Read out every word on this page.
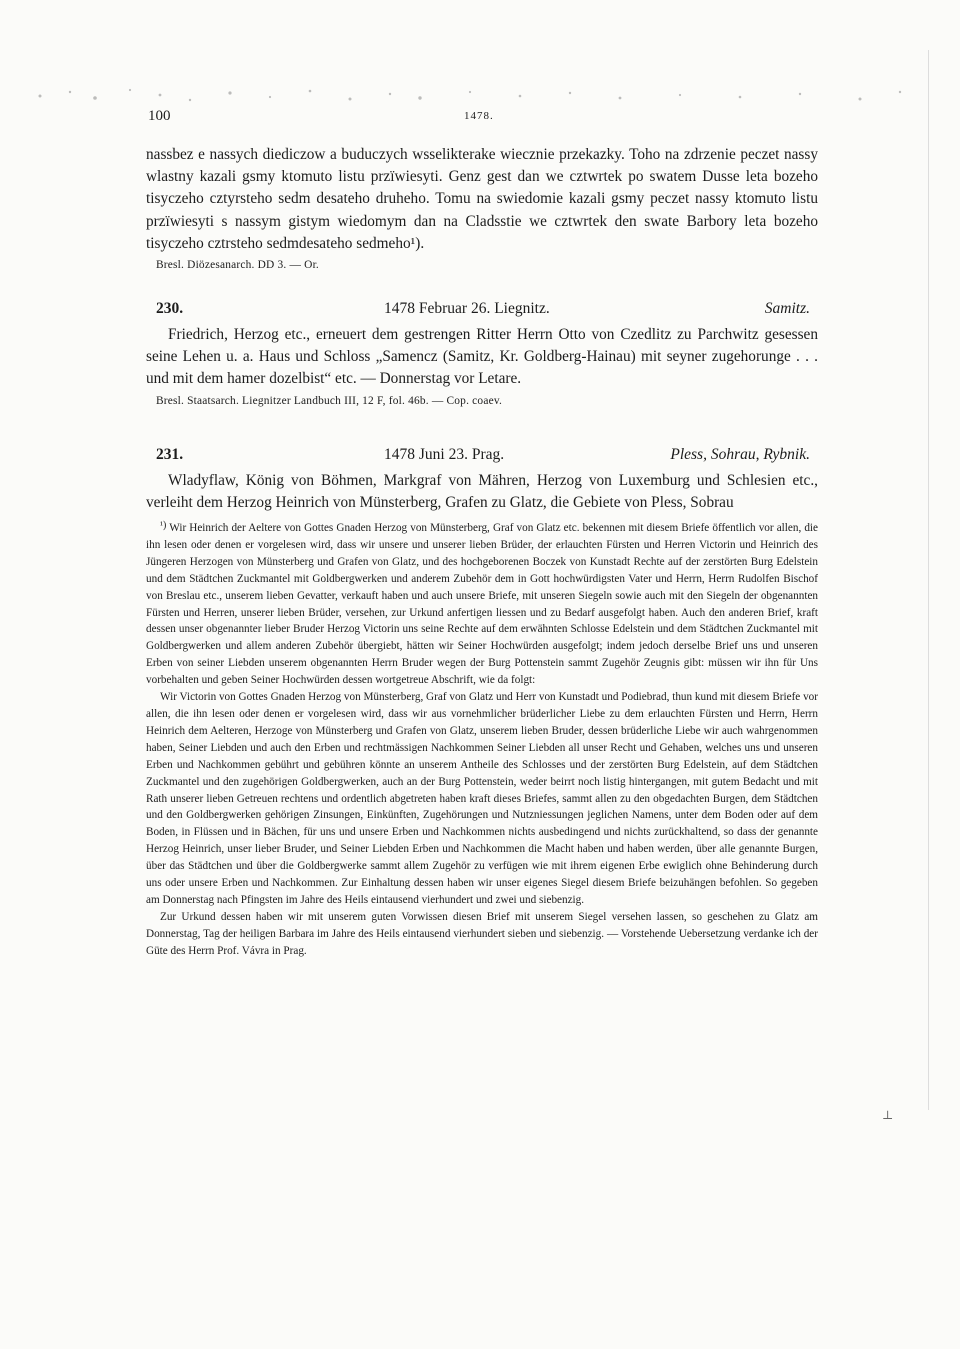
100	1478.

nassbez e nassych diediczow a buduczych wsselikterake wiecznie przekazky. Toho na zdrzenie peczet nassy wlastny kazali gsmy ktomuto listu przïwiesyti. Genz gest dan we cztwrtek po swatem Dusse leta bozeho tisyczeho cztyrsteho sedm desateho druheho. Tomu na swiedomie kazali gsmy peczet nassy ktomuto listu przïwiesyti s nassym gistym wiedomym dan na Cladsstie we cztwrtek den swate Barbory leta bozeho tisyczeho cztrsteho sedmdesateho sedmeho¹).

Bresl. Diözesanarch. DD 3. — Or.

230.	1478 Februar 26. Liegnitz.	Samitz.

Friedrich, Herzog etc., erneuert dem gestrengen Ritter Herrn Otto von Czedlitz zu Parchwitz gesessen seine Lehen u. a. Haus und Schloss „Samencz (Samitz, Kr. Goldberg-Hainau) mit seyner zugehorunge . . . und mit dem hamer dozelbist“ etc. — Donnerstag vor Letare.

Bresl. Staatsarch. Liegnitzer Landbuch III, 12 F, fol. 46b. — Cop. coaev.

231.	1478 Juni 23. Prag.	Pless, Sohrau, Rybnik.

Wladyflaw, König von Böhmen, Markgraf von Mähren, Herzog von Luxemburg und Schlesien etc., verleiht dem Herzog Heinrich von Münsterberg, Grafen zu Glatz, die Gebiete von Pless, Sobrau

¹) Wir Heinrich der Aeltere von Gottes Gnaden Herzog von Münsterberg, Graf von Glatz etc. bekennen mit diesem Briefe öffentlich vor allen, die ihn lesen oder denen er vorgelesen wird, dass wir unsere und unserer lieben Brüder, der erlauchten Fürsten und Herren Victorin und Heinrich des Jüngeren Herzogen von Münsterberg und Grafen von Glatz, und des hochgeborenen Boczek von Kunstadt Rechte auf der zerstörten Burg Edelstein und dem Städtchen Zuckmantel mit Goldbergwerken und anderem Zubehör dem in Gott hochwürdigsten Vater und Herrn, Herrn Rudolfen Bischof von Breslau etc., unserem lieben Gevatter, verkauft haben und auch unsere Briefe, mit unseren Siegeln sowie auch mit den Siegeln der obgenannten Fürsten und Herren, unserer lieben Brüder, versehen, zur Urkund anfertigen liessen und zu Bedarf ausgefolgt haben. Auch den anderen Brief, kraft dessen unser obgenannter lieber Bruder Herzog Victorin uns seine Rechte auf dem erwähnten Schlosse Edelstein und dem Städtchen Zuckmantel mit Goldbergwerken und allem anderen Zubehör übergiebt, hätten wir Seiner Hochwürden ausgefolgt; indem jedoch derselbe Brief uns und unseren Erben von seiner Liebden unserem obgenannten Herrn Bruder wegen der Burg Pottenstein sammt Zugehör Zeugnis gibt: müssen wir ihn für Uns vorbehalten und geben Seiner Hochwürden dessen wortgetreue Abschrift, wie da folgt:

Wir Victorin von Gottes Gnaden Herzog von Münsterberg, Graf von Glatz und Herr von Kunstadt und Podiebrad, thun kund mit diesem Briefe vor allen, die ihn lesen oder denen er vorgelesen wird, dass wir aus vornehmlicher brüderlicher Liebe zu dem erlauchten Fürsten und Herrn, Herrn Heinrich dem Aelteren, Herzoge von Münsterberg und Grafen von Glatz, unserem lieben Bruder, dessen brüderliche Liebe wir auch wahrgenommen haben, Seiner Liebden und auch den Erben und rechtmässigen Nachkommen Seiner Liebden all unser Recht und Gehaben, welches uns und unseren Erben und Nachkommen gebührt und gebühren könnte an unserem Antheile des Schlosses und der zerstörten Burg Edelstein, auf dem Städtchen Zuckmantel und den zugehörigen Goldbergwerken, auch an der Burg Pottenstein, weder beirrt noch listig hintergangen, mit gutem Bedacht und mit Rath unserer lieben Getreuen rechtens und ordentlich abgetreten haben kraft dieses Briefes, sammt allen zu den obgedachten Burgen, dem Städtchen und den Goldbergwerken gehörigen Zinsungen, Einkünften, Zugehörungen und Nutzniessungen jeglichen Namens, unter dem Boden oder auf dem Boden, in Flüssen und in Bächen, für uns und unsere Erben und Nachkommen nichts ausbedingend und nichts zurückhaltend, so dass der genannte Herzog Heinrich, unser lieber Bruder, und Seiner Liebden Erben und Nachkommen die Macht haben und haben werden, über alle genannte Burgen, über das Städtchen und über die Goldbergwerke sammt allem Zugehör zu verfügen wie mit ihrem eigenen Erbe ewiglich ohne Behinderung durch uns oder unsere Erben und Nachkommen. Zur Einhaltung dessen haben wir unser eigenes Siegel diesem Briefe beizuhängen befohlen. So gegeben am Donnerstag nach Pfingsten im Jahre des Heils eintausend vierhundert und zwei und siebenzig.

Zur Urkund dessen haben wir mit unserem guten Vorwissen diesen Brief mit unserem Siegel versehen lassen, so geschehen zu Glatz am Donnerstag, Tag der heiligen Barbara im Jahre des Heils eintausend vierhundert sieben und siebenzig. — Vorstehende Uebersetzung verdanke ich der Güte des Herrn Prof. Vávra in Prag.

⊥
